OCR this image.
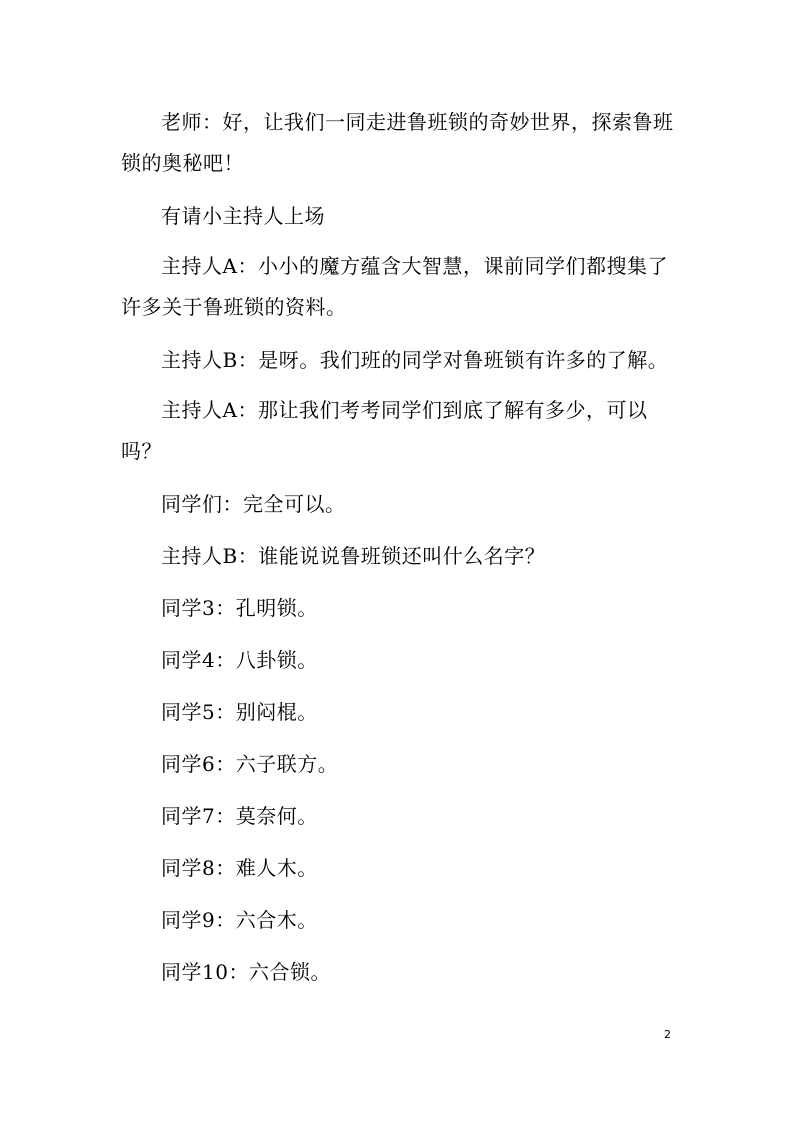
老师：好，让我们一同走进鲁班锁的奇妙世界，探索鲁班锁的奥秘吧！

有请小主持人上场

主持人A：小小的魔方蕴含大智慧，课前同学们都搜集了许多关于鲁班锁的资料。

主持人B：是呀。我们班的同学对鲁班锁有许多的了解。

主持人A：那让我们考考同学们到底了解有多少，可以吗？

同学们：完全可以。

主持人B：谁能说说鲁班锁还叫什么名字？

同学3：孔明锁。

同学4：八卦锁。

同学5：别闷棍。

同学6：六子联方。

同学7：莫奈何。

同学8：难人木。

同学9：六合木。

同学10：六合锁。

2
